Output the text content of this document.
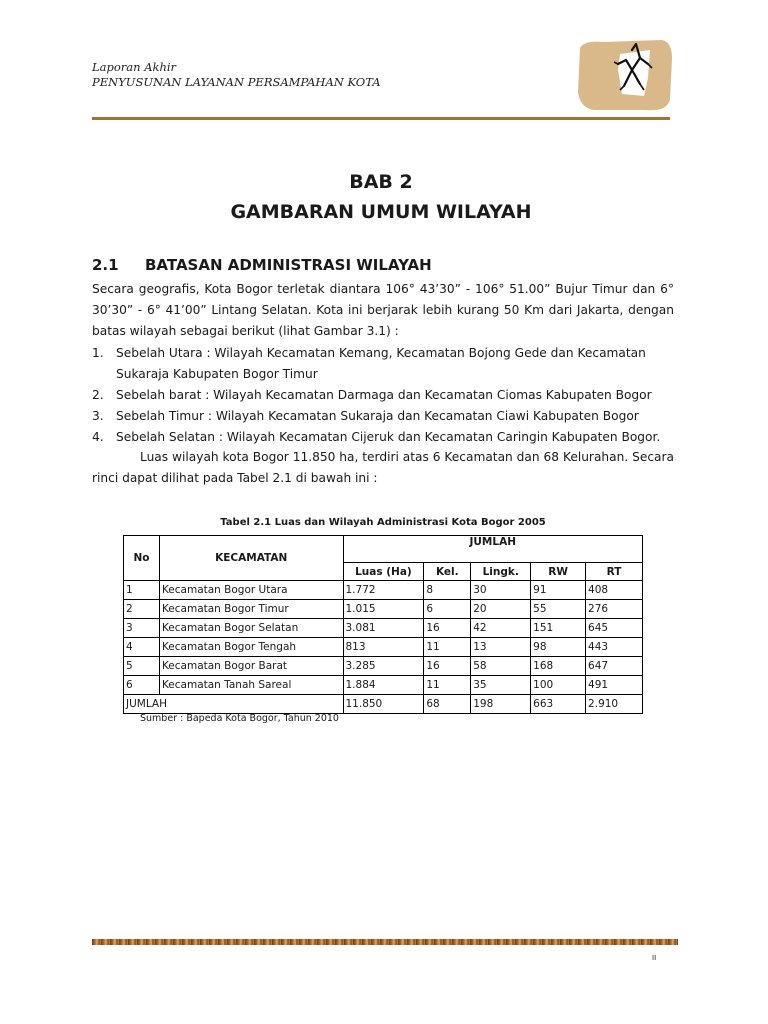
Laporan Akhir
PENYUSUNAN LAYANAN PERSAMPAHAN KOTA
BAB 2
GAMBARAN UMUM WILAYAH
2.1 BATASAN ADMINISTRASI WILAYAH
Secara geografis, Kota Bogor terletak diantara 106° 43’30” - 106° 51.00” Bujur Timur dan 6°
30’30” - 6° 41’00” Lintang Selatan. Kota ini berjarak lebih kurang 50 Km dari Jakarta, dengan
batas wilayah sebagai berikut (lihat Gambar 3.1) :
1. Sebelah Utara : Wilayah Kecamatan Kemang, Kecamatan Bojong Gede dan Kecamatan Sukaraja Kabupaten Bogor Timur
2. Sebelah barat : Wilayah Kecamatan Darmaga dan Kecamatan Ciomas Kabupaten Bogor
3. Sebelah Timur : Wilayah Kecamatan Sukaraja dan Kecamatan Ciawi Kabupaten Bogor
4. Sebelah Selatan : Wilayah Kecamatan Cijeruk dan Kecamatan Caringin Kabupaten Bogor.
Luas wilayah kota Bogor 11.850 ha, terdiri atas 6 Kecamatan dan 68 Kelurahan. Secara
rinci dapat dilihat pada Tabel 2.1 di bawah ini :
Tabel 2.1 Luas dan Wilayah Administrasi Kota Bogor 2005
No	KECAMATAN	JUMLAH				
		Luas (Ha)	Kel.	Lingk.	RW	RT
1	Kecamatan Bogor Utara	1.772	8	30	91	408
2	Kecamatan Bogor Timur	1.015	6	20	55	276
3	Kecamatan Bogor Selatan	3.081	16	42	151	645
4	Kecamatan Bogor Tengah	813	11	13	98	443
5	Kecamatan Bogor Barat	3.285	16	58	168	647
6	Kecamatan Tanah Sareal	1.884	11	35	100	491
JUMLAH		11.850	68	198	663	2.910
Sumber : Bapeda Kota Bogor, Tahun 2010
II
